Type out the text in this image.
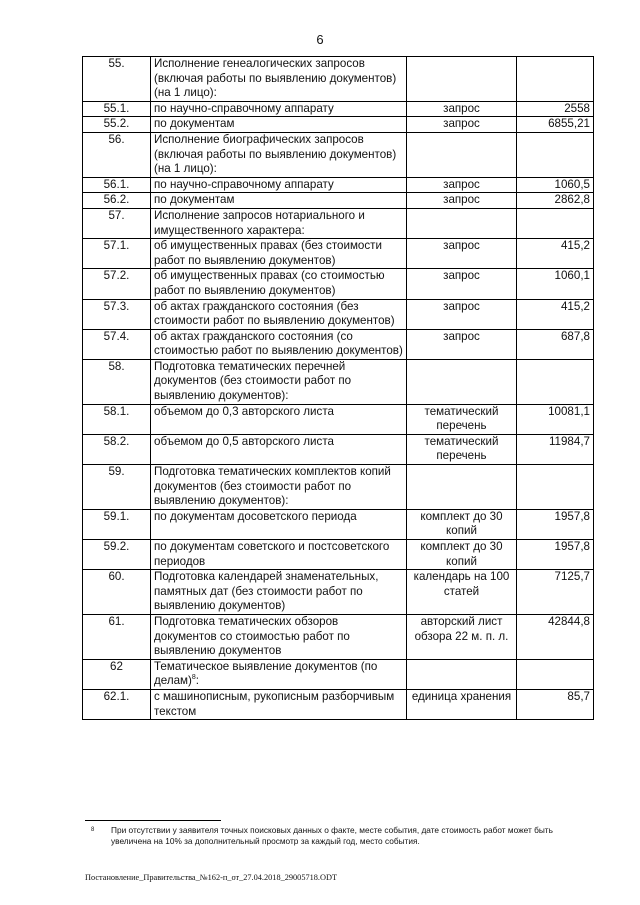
6
55.	Исполнение генеалогических запросов (включая работы по выявлению документов) (на 1 лицо):		
55.1.	по научно-справочному аппарату	запрос	2558
55.2.	по документам	запрос	6855,21
56.	Исполнение биографических запросов (включая работы по выявлению документов) (на 1 лицо):		
56.1.	по научно-справочному аппарату	запрос	1060,5
56.2.	по документам	запрос	2862,8
57.	Исполнение запросов нотариального и имущественного характера:		
57.1.	об имущественных правах (без стоимости работ по выявлению документов)	запрос	415,2
57.2.	об имущественных правах (со стоимостью работ по выявлению документов)	запрос	1060,1
57.3.	об актах гражданского состояния (без стоимости работ по выявлению документов)	запрос	415,2
57.4.	об актах гражданского состояния (со стоимостью работ по выявлению документов)	запрос	687,8
58.	Подготовка тематических перечней документов (без стоимости работ по выявлению документов):		
58.1.	объемом до 0,3 авторского листа	тематический перечень	10081,1
58.2.	объемом до 0,5 авторского листа	тематический перечень	11984,7
59.	Подготовка тематических комплектов копий документов (без стоимости работ по выявлению документов):		
59.1.	по документам досоветского периода	комплект до 30 копий	1957,8
59.2.	по документам советского и постсоветского периодов	комплект до 30 копий	1957,8
60.	Подготовка календарей знаменательных, памятных дат (без стоимости работ по выявлению документов)	календарь на 100 статей	7125,7
61.	Подготовка тематических обзоров документов со стоимостью работ по выявлению документов	авторский лист обзора 22 м. п. л.	42844,8
62	Тематическое выявление документов (по делам)$^8$:		
62.1.	с машинописным, рукописным разборчивым текстом	единица хранения	85,7
8 При отсутствии у заявителя точных поисковых данных о факте, месте события, дате стоимость работ может быть увеличена на 10% за дополнительный просмотр за каждый год, место события.
Постановление_Правительства_№162-п_от_27.04.2018_29005718.ODT
